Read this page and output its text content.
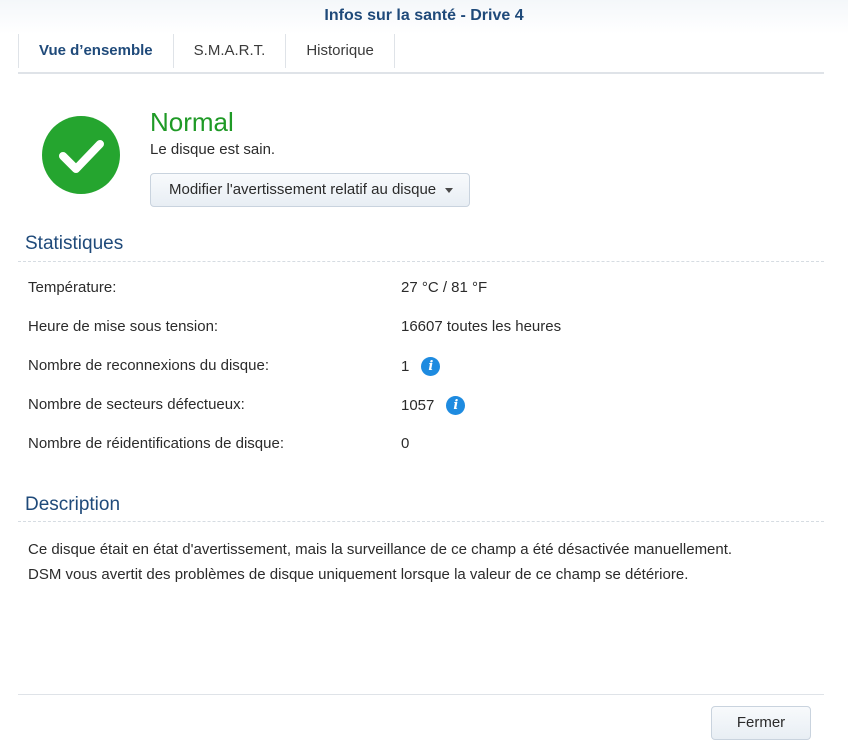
Infos sur la santé - Drive 4
Vue d’ensemble	S.M.A.R.T.	Historique
Normal
Le disque est sain.
Modifier l'avertissement relatif au disque
Statistiques
Température:	27 °C / 81 °F
Heure de mise sous tension:	16607 toutes les heures
Nombre de reconnexions du disque:	1	i
Nombre de secteurs défectueux:	1057	i
Nombre de réidentifications de disque:	0
Description
Ce disque était en état d'avertissement, mais la surveillance de ce champ a été désactivée manuellement.
DSM vous avertit des problèmes de disque uniquement lorsque la valeur de ce champ se détériore.
Fermer
